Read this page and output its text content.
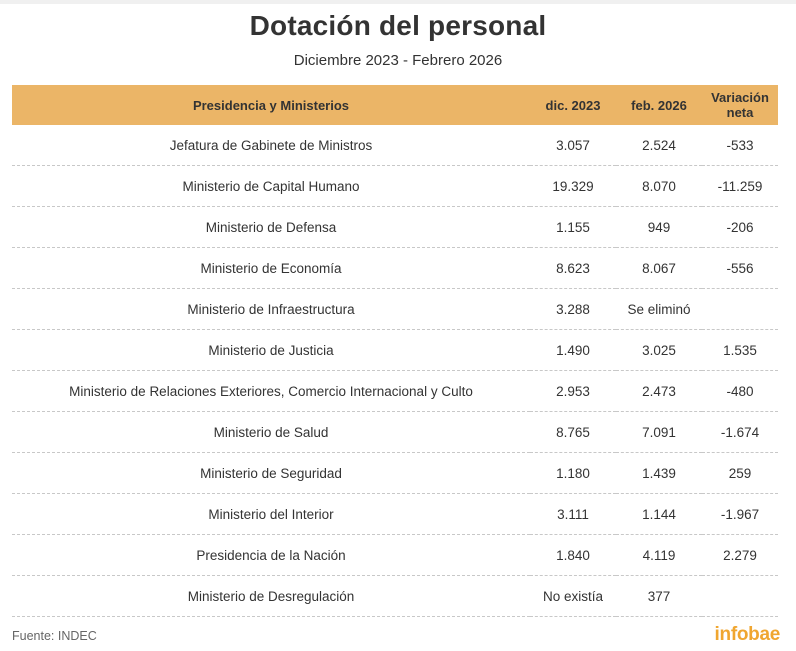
Dotación del personal
Diciembre 2023 - Febrero 2026
Presidencia y Ministerios	dic. 2023	feb. 2026	Variación neta
Jefatura de Gabinete de Ministros	3.057	2.524	-533
Ministerio de Capital Humano	19.329	8.070	-11.259
Ministerio de Defensa	1.155	949	-206
Ministerio de Economía	8.623	8.067	-556
Ministerio de Infraestructura	3.288	Se eliminó	
Ministerio de Justicia	1.490	3.025	1.535
Ministerio de Relaciones Exteriores, Comercio Internacional y Culto	2.953	2.473	-480
Ministerio de Salud	8.765	7.091	-1.674
Ministerio de Seguridad	1.180	1.439	259
Ministerio del Interior	3.111	1.144	-1.967
Presidencia de la Nación	1.840	4.119	2.279
Ministerio de Desregulación	No existía	377	
Fuente: INDEC	infobae
